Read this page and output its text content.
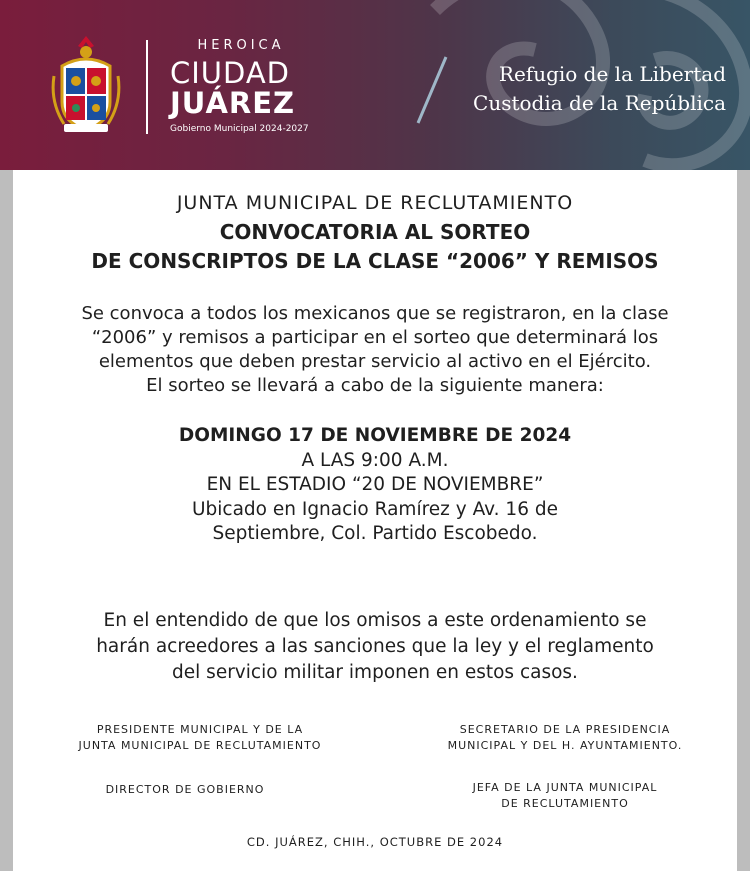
HEROICA
CIUDAD
JUÁREZ
Gobierno Municipal 2024-2027
Refugio de la Libertad
Custodia de la República
JUNTA MUNICIPAL DE RECLUTAMIENTO
CONVOCATORIA AL SORTEO
DE CONSCRIPTOS DE LA CLASE “2006” Y REMISOS
Se convoca a todos los mexicanos que se registraron, en la clase
“2006” y remisos a participar en el sorteo que determinará los
elementos que deben prestar servicio al activo en el Ejército.
El sorteo se llevará a cabo de la siguiente manera:
DOMINGO 17 DE NOVIEMBRE DE 2024
A LAS 9:00 A.M.
EN EL ESTADIO “20 DE NOVIEMBRE”
Ubicado en Ignacio Ramírez y Av. 16 de
Septiembre, Col. Partido Escobedo.
En el entendido de que los omisos a este ordenamiento se
harán acreedores a las sanciones que la ley y el reglamento
del servicio militar imponen en estos casos.
PRESIDENTE MUNICIPAL Y DE LA
JUNTA MUNICIPAL DE RECLUTAMIENTO
SECRETARIO DE LA PRESIDENCIA
MUNICIPAL Y DEL H. AYUNTAMIENTO.
DIRECTOR DE GOBIERNO	JEFA DE LA JUNTA MUNICIPAL
DE RECLUTAMIENTO
CD. JUÁREZ, CHIH., OCTUBRE DE 2024
